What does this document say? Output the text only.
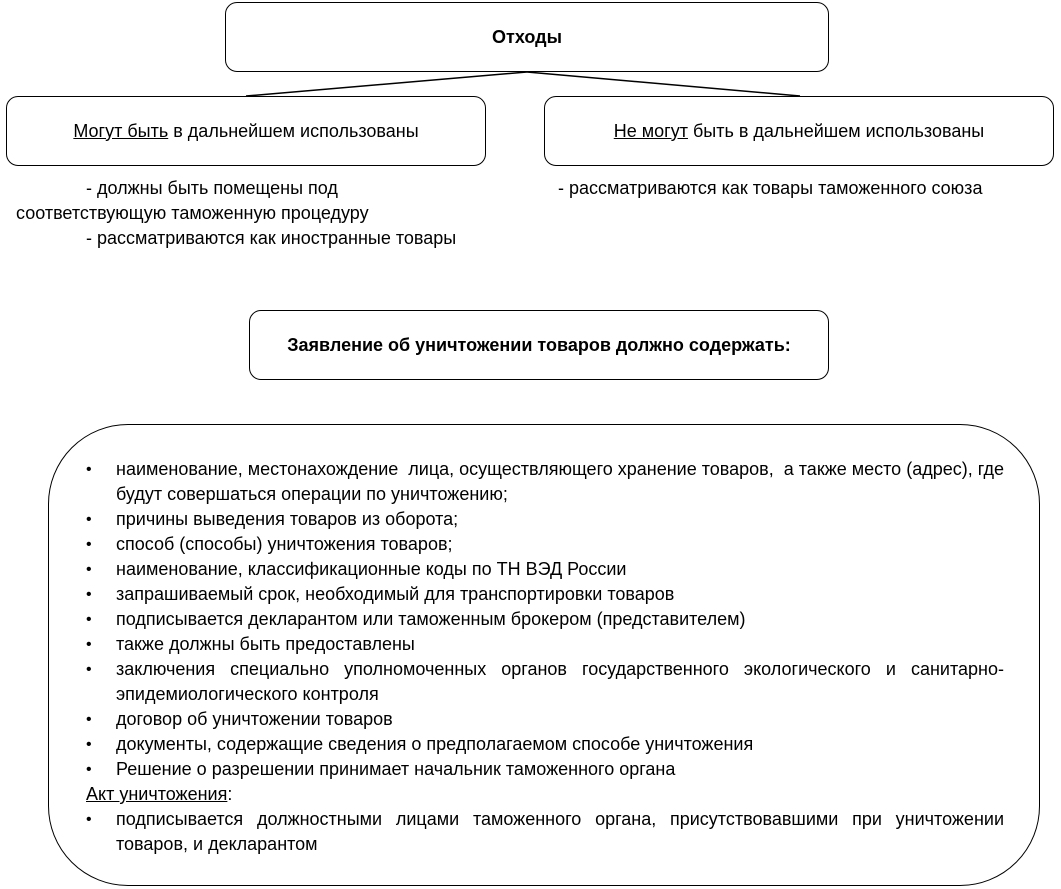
Отходы
Могут быть в дальнейшем использованы	Не могут быть в дальнейшем использованы

- должны быть помещены под соответствующую таможенную процедуру

- рассматриваются как иностранные товары

- рассматриваются как товары таможенного союза

Заявление об уничтожении товаров должно содержать:
• наименование, местонахождение  лица, осуществляющего хранение товаров,  а также место (адрес), где будут совершаться операции по уничтожению;
• причины выведения товаров из оборота;
• способ (способы) уничтожения товаров;
• наименование, классификационные коды по ТН ВЭД России
• запрашиваемый срок, необходимый для транспортировки товаров
• подписывается декларантом или таможенным брокером (представителем)
• также должны быть предоставлены
• заключения специально уполномоченных органов государственного экологического и санитарно-эпидемиологического контроля
• договор об уничтожении товаров
• документы, содержащие сведения о предполагаемом способе уничтожения
• Решение о разрешении принимает начальник таможенного органа
Акт уничтожения:
• подписывается должностными лицами таможенного органа, присутствовавшими при уничтожении товаров, и декларантом
